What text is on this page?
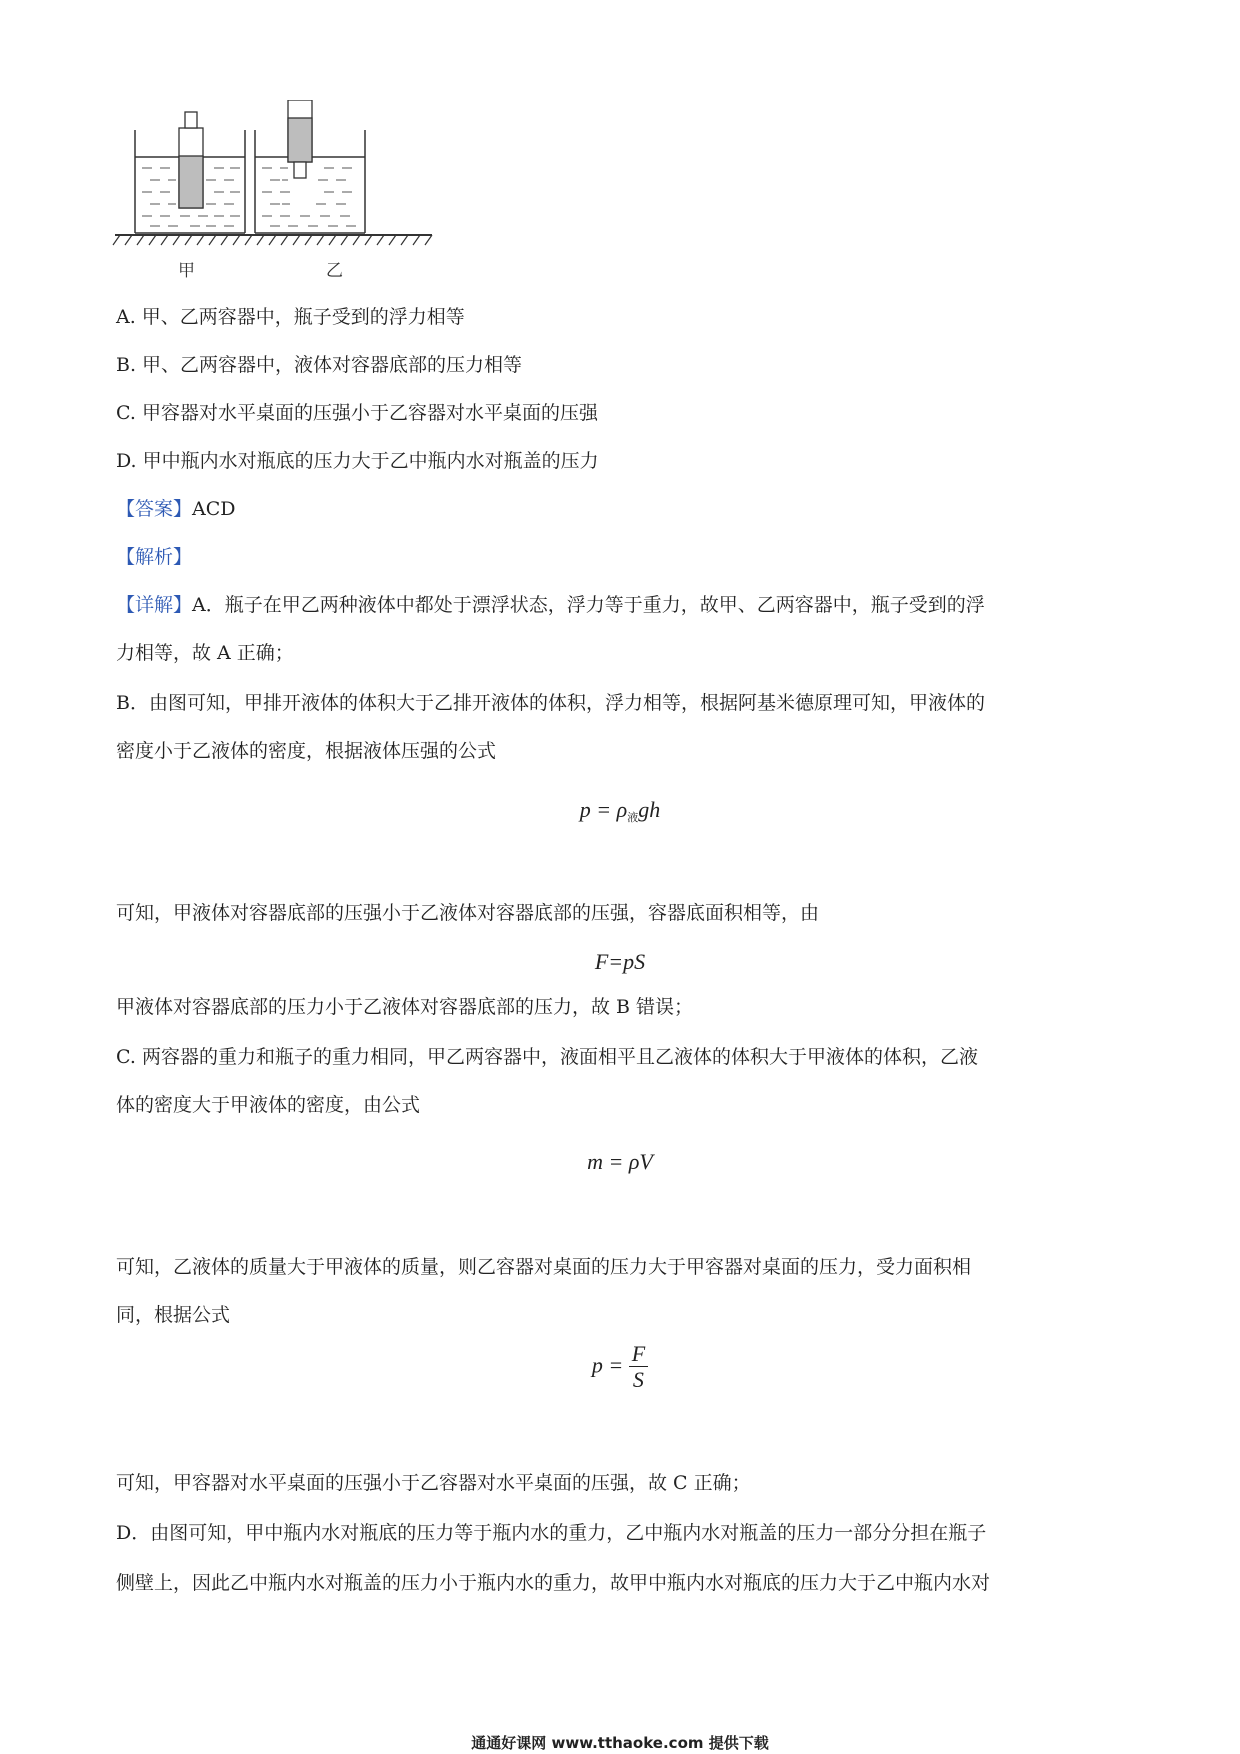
甲	乙
A. 甲、乙两容器中，瓶子受到的浮力相等
B. 甲、乙两容器中，液体对容器底部的压力相等
C. 甲容器对水平桌面的压强小于乙容器对水平桌面的压强
D. 甲中瓶内水对瓶底的压力大于乙中瓶内水对瓶盖的压力
【答案】ACD
【解析】
【详解】A．瓶子在甲乙两种液体中都处于漂浮状态，浮力等于重力，故甲、乙两容器中，瓶子受到的浮
力相等，故 A 正确；
B．由图可知，甲排开液体的体积大于乙排开液体的体积，浮力相等，根据阿基米德原理可知，甲液体的
密度小于乙液体的密度，根据液体压强的公式
$p = \rho_液gh$
可知，甲液体对容器底部的压强小于乙液体对容器底部的压强，容器底面积相等，由
F=pS
甲液体对容器底部的压力小于乙液体对容器底部的压力，故 B 错误；
C. 两容器的重力和瓶子的重力相同，甲乙两容器中，液面相平且乙液体的体积大于甲液体的体积，乙液
体的密度大于甲液体的密度，由公式
m = ρV
可知，乙液体的质量大于甲液体的质量，则乙容器对桌面的压力大于甲容器对桌面的压力，受力面积相
同，根据公式
$p = \frac{F}{S}$
可知，甲容器对水平桌面的压强小于乙容器对水平桌面的压强，故 C 正确；
D．由图可知，甲中瓶内水对瓶底的压力等于瓶内水的重力，乙中瓶内水对瓶盖的压力一部分分担在瓶子
侧壁上，因此乙中瓶内水对瓶盖的压力小于瓶内水的重力，故甲中瓶内水对瓶底的压力大于乙中瓶内水对
通通好课网 www.tthaoke.com 提供下载
